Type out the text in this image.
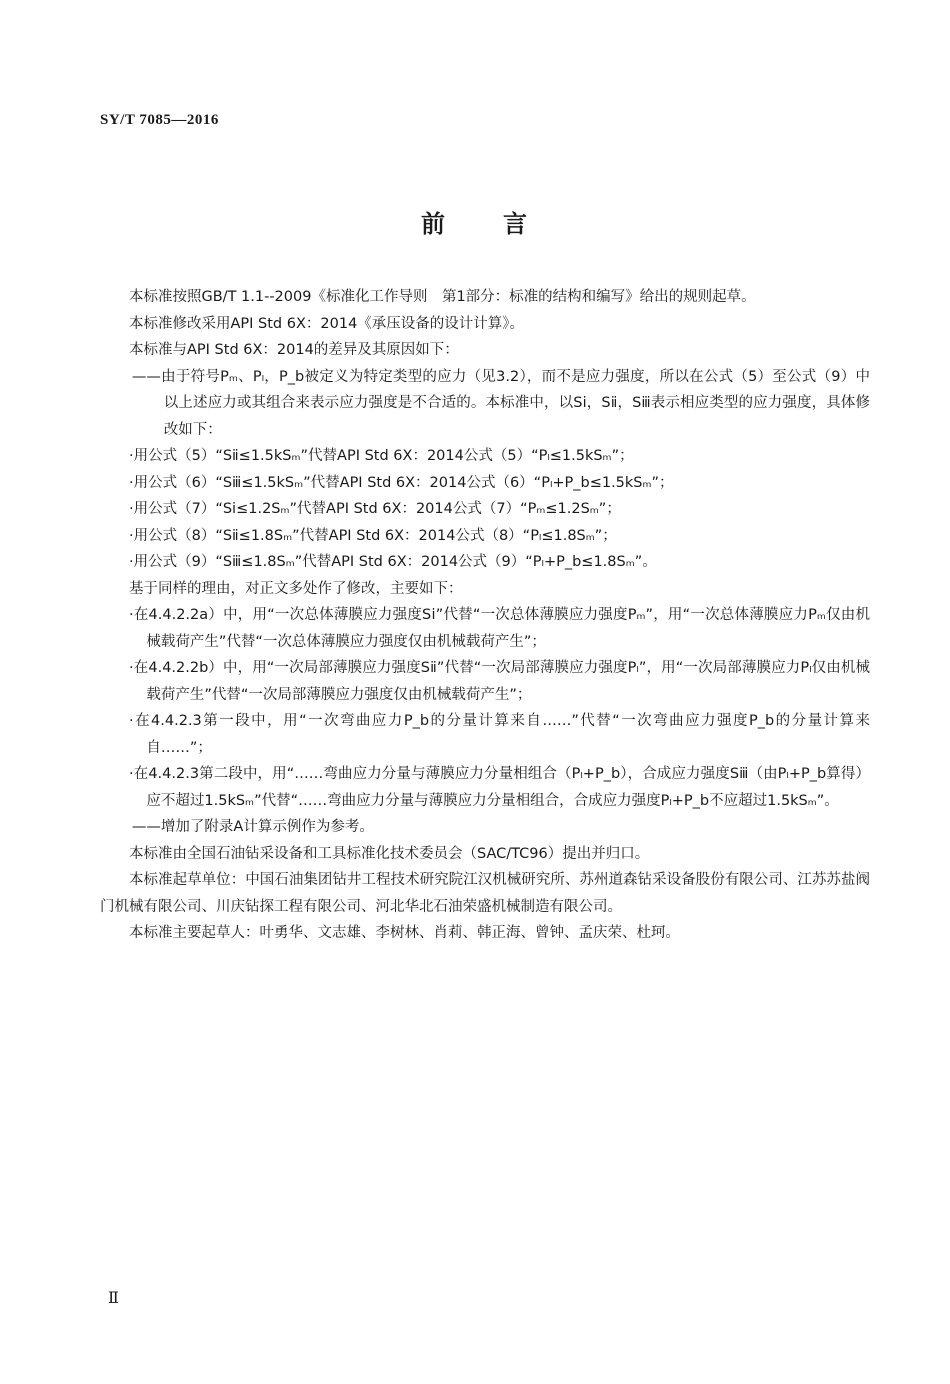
SY/T 7085—2016
前 言

本标准按照GB/T 1.1--2009《标准化工作导则　第1部分：标准的结构和编写》给出的规则起草。

本标准修改采用API Std 6X：2014《承压设备的设计计算》。

本标准与API Std 6X：2014的差异及其原因如下：

——由于符号Pₘ、Pₗ，P_b被定义为特定类型的应力（见3.2），而不是应力强度，所以在公式（5）至公式（9）中以上述应力或其组合来表示应力强度是不合适的。本标准中，以Sⅰ，Sⅱ，Sⅲ表示相应类型的应力强度，具体修改如下：

·用公式（5）“Sⅱ≤1.5kSₘ”代替API Std 6X：2014公式（5）“Pₗ≤1.5kSₘ”；

·用公式（6）“Sⅲ≤1.5kSₘ”代替API Std 6X：2014公式（6）“Pₗ+P_b≤1.5kSₘ”；

·用公式（7）“Sⅰ≤1.2Sₘ”代替API Std 6X：2014公式（7）“Pₘ≤1.2Sₘ”；

·用公式（8）“Sⅱ≤1.8Sₘ”代替API Std 6X：2014公式（8）“Pₗ≤1.8Sₘ”；

·用公式（9）“Sⅲ≤1.8Sₘ”代替API Std 6X：2014公式（9）“Pₗ+P_b≤1.8Sₘ”。

基于同样的理由，对正文多处作了修改，主要如下：

·在4.4.2.2a）中，用“一次总体薄膜应力强度Sⅰ”代替“一次总体薄膜应力强度Pₘ”，用“一次总体薄膜应力Pₘ仅由机械载荷产生”代替“一次总体薄膜应力强度仅由机械载荷产生”；

·在4.4.2.2b）中，用“一次局部薄膜应力强度Sⅱ”代替“一次局部薄膜应力强度Pₗ”，用“一次局部薄膜应力Pₗ仅由机械载荷产生”代替“一次局部薄膜应力强度仅由机械载荷产生”；

·在4.4.2.3第一段中，用“一次弯曲应力P_b的分量计算来自……”代替“一次弯曲应力强度P_b的分量计算来自……”；

·在4.4.2.3第二段中，用“……弯曲应力分量与薄膜应力分量相组合（Pₗ+P_b），合成应力强度Sⅲ（由Pₗ+P_b算得）应不超过1.5kSₘ”代替“……弯曲应力分量与薄膜应力分量相组合，合成应力强度Pₗ+P_b不应超过1.5kSₘ”。

——增加了附录A计算示例作为参考。

本标准由全国石油钻采设备和工具标准化技术委员会（SAC/TC96）提出并归口。

本标准起草单位：中国石油集团钻井工程技术研究院江汉机械研究所、苏州道森钻采设备股份有限公司、江苏苏盐阀门机械有限公司、川庆钻探工程有限公司、河北华北石油荣盛机械制造有限公司。

本标准主要起草人：叶勇华、文志雄、李树林、肖莉、韩正海、曾钟、孟庆荣、杜珂。

Ⅱ
